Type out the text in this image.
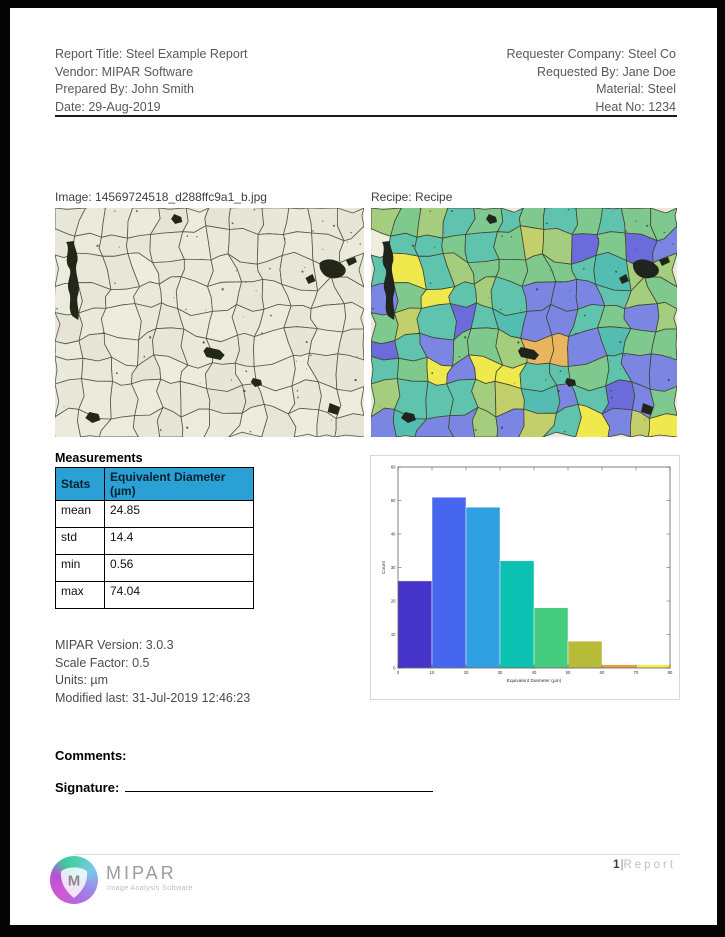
Report Title: Steel Example Report
Vendor: MIPAR Software
Prepared By: John Smith
Date: 29-Aug-2019
Requester Company: Steel Co
Requested By: Jane Doe
Material: Steel
Heat No: 1234
Image: 14569724518_d288ffc9a1_b.jpg	Recipe: Recipe
Measurements
Stats	Equivalent Diameter (µm)
mean	24.85
std	14.4
min	0.56
max	74.04
0	10	20	30	40	50	60	70	80
0
10
20
30
40
50
60
Equivalent Diameter (µm)
Count
MIPAR Version: 3.0.3
Scale Factor: 0.5
Units: µm
Modified last: 31-Jul-2019 12:46:23
Comments:
Signature:
M MIPAR
Image Analysis Software
1|Report
